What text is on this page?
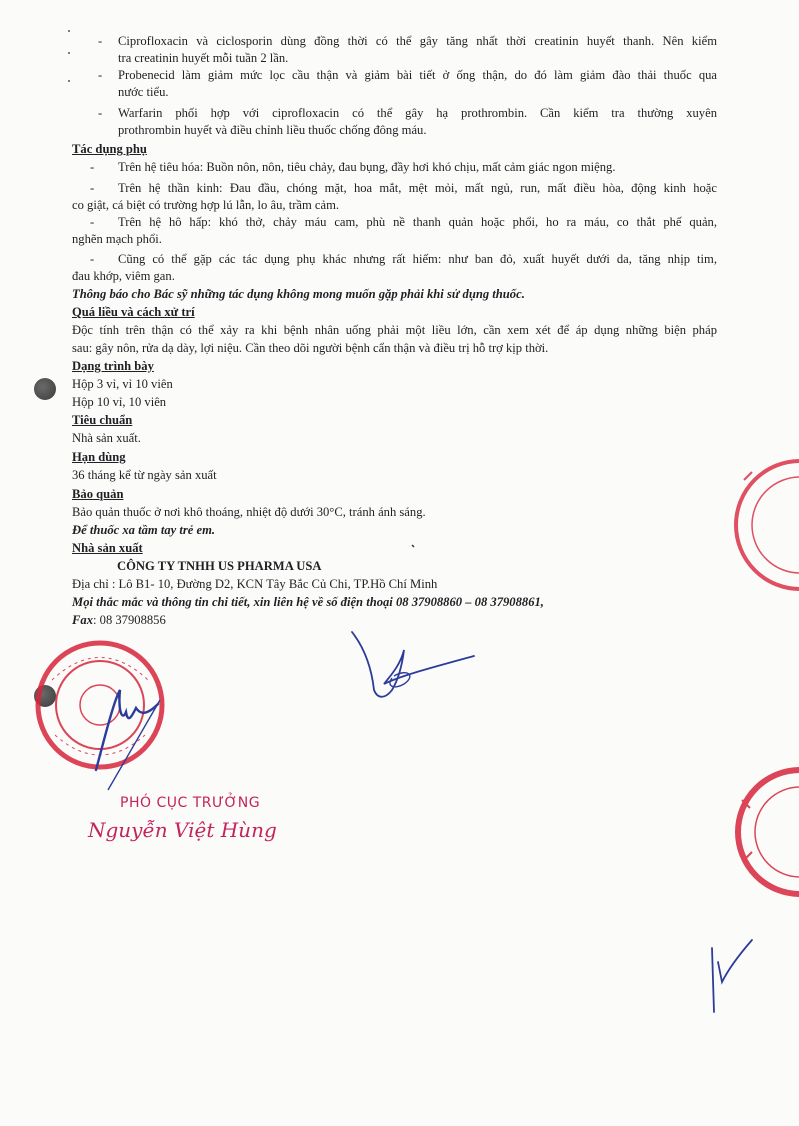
- Ciprofloxacin và ciclosporin dùng đồng thời có thể gây tăng nhất thời creatinin huyết thanh. Nên kiểm
tra creatinin huyết mỗi tuần 2 lần.
- Probenecid làm giảm mức lọc cầu thận và giảm bài tiết ở ống thận, do đó làm giảm đào thải thuốc qua
nước tiểu.
- Warfarin phối hợp với ciprofloxacin có thể gây hạ prothrombin. Cần kiểm tra thường xuyên
prothrombin huyết và điều chỉnh liều thuốc chống đông máu.
Tác dụng phụ
- Trên hệ tiêu hóa: Buồn nôn, nôn, tiêu chảy, đau bụng, đầy hơi khó chịu, mất cảm giác ngon miệng.
- Trên hệ thần kinh: Đau đầu, chóng mặt, hoa mắt, mệt mỏi, mất ngủ, run, mất điều hòa, động kinh hoặc
co giật, cá biệt có trường hợp lú lẫn, lo âu, trầm cảm.
- Trên hệ hô hấp: khó thở, chảy máu cam, phù nề thanh quản hoặc phổi, ho ra máu, co thắt phế quản,
nghẽn mạch phổi.
- Cũng có thể gặp các tác dụng phụ khác nhưng rất hiếm: như ban đỏ, xuất huyết dưới da, tăng nhịp tim,
đau khớp, viêm gan.
Thông báo cho Bác sỹ những tác dụng không mong muốn gặp phải khi sử dụng thuốc.
Quá liều và cách xử trí
Độc tính trên thận có thể xảy ra khi bệnh nhân uống phải một liều lớn, cần xem xét để áp dụng những biện pháp
sau: gây nôn, rửa dạ dày, lợi niệu. Cần theo dõi người bệnh cẩn thận và điều trị hỗ trợ kịp thời.
Dạng trình bày
Hộp 3 vỉ, vỉ 10 viên
Hộp 10 vỉ, 10 viên
Tiêu chuẩn
Nhà sản xuất.
Hạn dùng
36 tháng kể từ ngày sản xuất
Bảo quản
Bảo quản thuốc ở nơi khô thoáng, nhiệt độ dưới 30°C, tránh ánh sáng.
Để thuốc xa tầm tay trẻ em.
Nhà sản xuất
CÔNG TY TNHH US PHARMA USA
Địa chỉ : Lô B1- 10, Đường D2, KCN Tây Bắc Củ Chi, TP.Hồ Chí Minh
Mọi thắc mắc và thông tin chi tiết, xin liên hệ về số điện thoại 08 37908860 – 08 37908861,
Fax: 08 37908856
PHÓ CỤC TRƯỞNG
Nguyễn Việt Hùng
